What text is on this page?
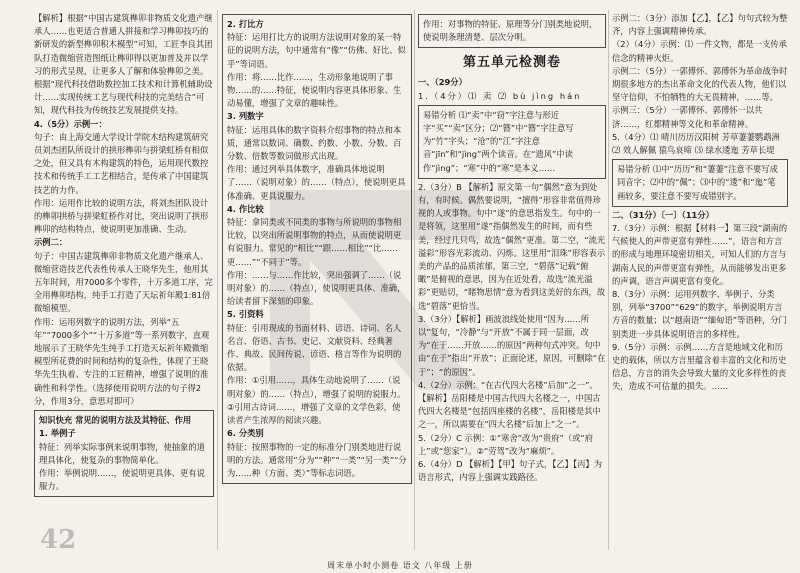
【解析】根据“中国古建筑榫卯非物质文化遗产继承人……也更适合普通人拼接和学习榫卯技巧的新研发的新型榫卯积木模型”可知，工匠李良其团队打造微缩营造图纸让榫卯得以更加普及并以学习的形式呈现，让更多人了解和体验榫卯之美。根据“现代科技借助数控加工技术和计算机辅助设计……实现传统工艺与现代科技的完美结合”可知，现代科技为传统技艺发展提供支持。

4.（5分）示例一：

句子：由上海交通大学设计学院木结构建筑研究员刘杰团队所设计的拱形榫卯与拼梁虹桥有相似之处，但又具有木构建筑的特色，运用现代数控技术和传统手工工艺相结合，是传承了中国建筑技艺的力作。

作用：运用作比较的说明方法，将刘杰团队设计的榫卯拱桥与拼梁虹桥作对比，突出说明了拱形榫卯的结构特点，使说明更加准确、生动。

示例二：

句子：中国古建筑榫卯非物质文化遗产继承人、微缩营造技艺代表性传承人王晓华先生，他用其五年时间，用7000多个零件，十万多道工序，完全用榫卯结构，纯手工打造了天坛祈年殿1:81倍微缩模型。

作用：运用列数字的说明方法，列举“五年”“7000多个”“十万多道”等一系列数字，直观地展示了王晓华先生纯手工打造天坛祈年殿微缩模型所花费的时间和结构的复杂性，体现了王晓华先生执着、专注的工匠精神，增强了说明的准确性和科学性。（选择使用说明方法的句子得2分，作用3分，意思对即可）

知识快充 常见的说明方法及其特征、作用

1. 举例子

特征：列举实际事例来说明事物，使抽象的道理具体化，使复杂的事物简单化。

作用：举例说明……，使说明更具体、更有说服力。

2. 打比方

特征：运用打比方的说明方法说明对象的某一特征的说明方法，句中通常有“像”“仿佛、好比、似乎”等词语。

作用：将……比作……，生动形象地说明了事物……的……特征，使说明内容更具体形象、生动易懂，增强了文章的趣味性。

3. 列数字

特征：运用具体的数字资料介绍事物的特点和本质，通常以数词、确数、约数、小数、分数、百分数、倍数等数词做形式出现。

作用：通过列举具体数字，准确具体地说明了……（说明对象）的……（特点），使说明更具体准确、更具说服力。

4. 作比较

特征：拿同类或不同类的事物与所说明的事物相比较，以突出所说明事物的特点，从而使说明更有说服力。常见的“相比”“跟……相比”“比……更……”“不同于”等。

作用：……与……作比较，突出强调了……（说明对象）的……（特点），使说明更具体、准确，给读者留下深刻的印象。

5. 引资料

特征：引用现成的书面材料、谚语、诗词、名人名言、俗语、古书、史记、文献资料、经典著作、典故、民间传说、谚语、格言等作为说明的依据。

作用：①引用……，具体生动地说明了……（说明对象）的……（特点），增强了说明的说服力。②引用古诗词……，增强了文章的文学色彩，使读者产生浓厚的阅读兴趣。

6. 分类别

特征：按照事物的一定的标准分门别类地进行说明的方法。通常用“分为”“种”“一类”“另一类”“分为……种（方面、类）”等标志词语。

作用：对事物的特征、原理等分门别类地说明，使说明条理清楚、层次分明。

第五单元检测卷

一、（29分）

1.（4分）⑴ 卖 ⑵ bù jìng hán

易错分析 ⑴“卖”中“窃”字注意与形近字“买”“卖”区分；⑵“簪”中“簪”字注意写为“竹”字头；“沧”的“江”字注意音“jīn”和“jìng”两个读音。在“遗风”中读作“jìng”；“寒”中的“寒”是本义……

2.（3分）B 【解析】原文第一句“偶然”意为到处有，有时候。偶然要说明，“擅得”形容非常值得珍视的人或事物。句中“遂”的意思指发生。句中的一是将领，这里用“遂”指偶然发生的时间，而有些美，经过几只鸟，故选“偶然”更准。第二空，“流光溢彩”形容光彩流动、闪烁。这里用“泪珠”形容表示美的产品的品质浓郁，第三空，“碧落”记载“俯瞰”是俯视的意思，因为在近处看，故选“流光溢彩”更贴切，“睹物思情”意为看到这美好的东西，故选“碧落”更恰当。

3.（3分）【解析】画波浪线处使用“因为……所以”复句，“冷静”与“开放”不属于同一层面，改为“在于……开放……的原因”两种句式冲突。句中由“在于”指出“开放”；正面论述，原因，可删除“在于”；“的原因”。

4.（2分）示例：“在古代四大名楼”后加“之一”。

【解析】岳阳楼是中国古代四大名楼之一，中国古代四大名楼是“包括四座楼的名楼”，岳阳楼是其中之一，所以需要在“四大名楼”后加上“之一”。

5.（2分）C 示例：①“寒舍”改为“贵府”（或“府上”或“您家”）。②“劳驾”改为“麻烦”。

6.（4分）D 【解析】【甲】句子式，【乙】【丙】为语言形式，内容上强调实践路径。

示例二：（3分）添加【乙】，【乙】句句式较为整齐，内容上强调精神传承。

（2）（4分）示例：⑴ 一件文物，都是一支传承信念的精神火炬。

示例二：（5分）一郭傅怀、郭傅怀为革命战争时期很多地方的杰出革命文化的代表人物，他们以坚守信仰，不怕牺牲的大无畏精神，……等。

示例三：（5分）一郭傅怀、郭傅怀一以共济……，红都精神等文化和革命精神。

5.（4分）⑴ 晴川历历汉阳树 芳草萋萋鹦鹉洲

⑵ 效人解佩 猿鸟哀啼 ⑶ 绿水逶迤 芳草长堤

易错分析 ⑴中“历历”和“萋萋”注意不要写成同音字；⑵中的“佩”；⑶中的“逶”和“迤”笔画较多，要注意不要写成错别字。

二、（31分）〔一〕（11分）

7.（3分）示例：根据【材料一】第三段“湖南的气候使人的声带更富有弹性……”，语言和方言的形成与地理环境密切相关，可知人们的方言与湖南人民的声带更富有弹性，从而能够发出更多的声调，语言声调更富有变化。

8.（3分）示例：运用列数字、举例子、分类别，列举“3700”“629”的数字，举例说明方言方音的数量；以“越南语”“缅甸语”等语种，分门别类进一步具体说明语言的多样性。

9.（5分）示例：示例……方言是地域文化和历史的载体，所以方言里蕴含着丰富的文化和历史信息，方言的消失会导致大量的文化多样性的丧失，造成不可估量的损失。……

42
周末单小时小测卷 语文 八年级 上册
